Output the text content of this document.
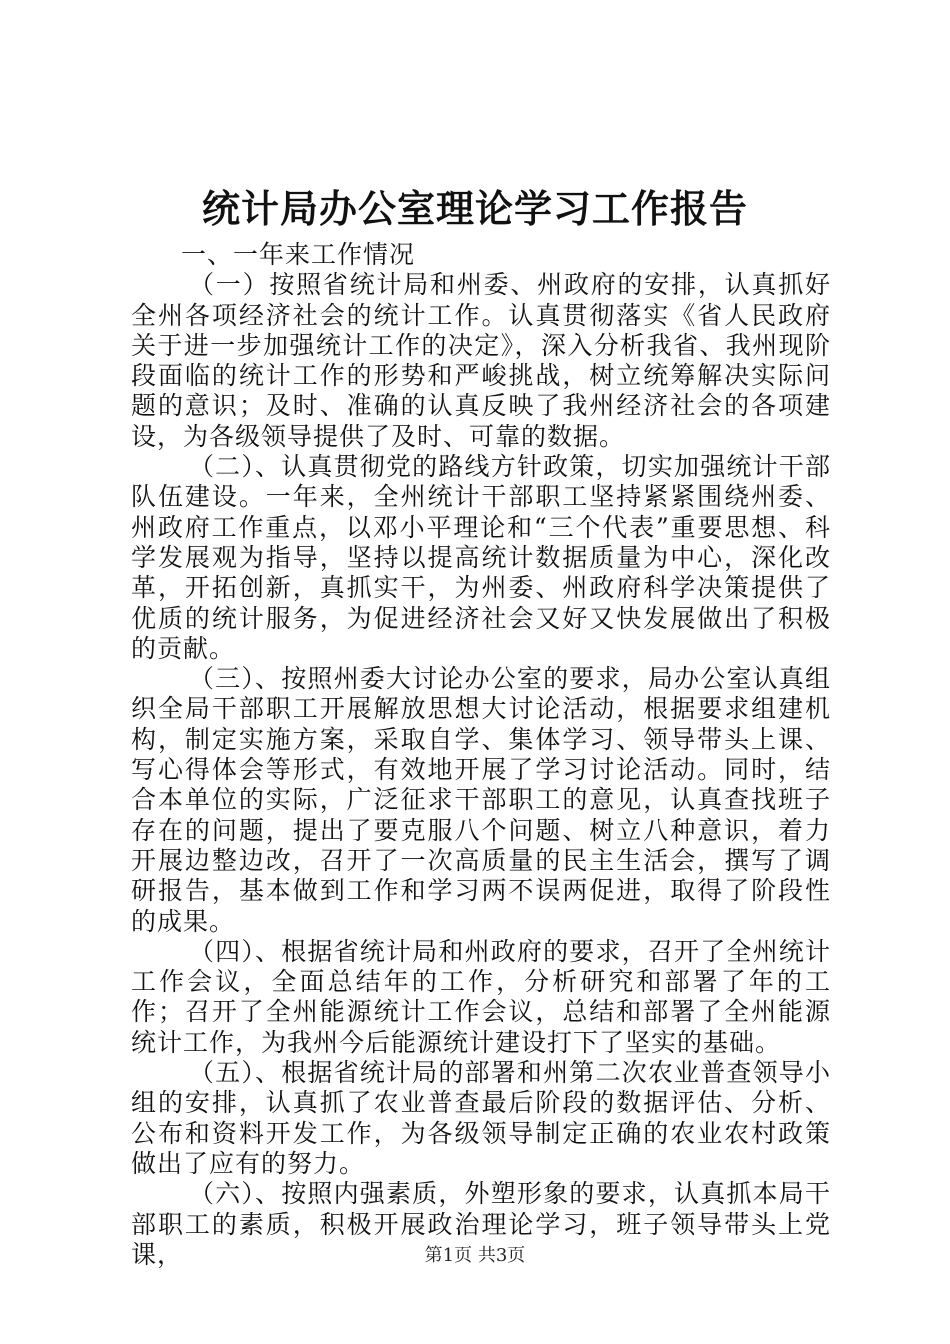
统计局办公室理论学习工作报告

一、一年来工作情况

（一）按照省统计局和州委、州政府的安排，认真抓好全州各项经济社会的统计工作。认真贯彻落实《省人民政府关于进一步加强统计工作的决定》，深入分析我省、我州现阶段面临的统计工作的形势和严峻挑战，树立统筹解决实际问题的意识；及时、准确的认真反映了我州经济社会的各项建设，为各级领导提供了及时、可靠的数据。

（二）、认真贯彻党的路线方针政策，切实加强统计干部队伍建设。一年来，全州统计干部职工坚持紧紧围绕州委、州政府工作重点，以邓小平理论和“三个代表”重要思想、科学发展观为指导，坚持以提高统计数据质量为中心，深化改革，开拓创新，真抓实干，为州委、州政府科学决策提供了优质的统计服务，为促进经济社会又好又快发展做出了积极的贡献。

（三）、按照州委大讨论办公室的要求，局办公室认真组织全局干部职工开展解放思想大讨论活动，根据要求组建机构，制定实施方案，采取自学、集体学习、领导带头上课、写心得体会等形式，有效地开展了学习讨论活动。同时，结合本单位的实际，广泛征求干部职工的意见，认真查找班子存在的问题，提出了要克服八个问题、树立八种意识，着力开展边整边改，召开了一次高质量的民主生活会，撰写了调研报告，基本做到工作和学习两不误两促进，取得了阶段性的成果。

（四）、根据省统计局和州政府的要求，召开了全州统计工作会议，全面总结年的工作，分析研究和部署了年的工作；召开了全州能源统计工作会议，总结和部署了全州能源统计工作，为我州今后能源统计建设打下了坚实的基础。

（五）、根据省统计局的部署和州第二次农业普查领导小组的安排，认真抓了农业普查最后阶段的数据评估、分析、公布和资料开发工作，为各级领导制定正确的农业农村政策做出了应有的努力。

（六）、按照内强素质，外塑形象的要求，认真抓本局干部职工的素质，积极开展政治理论学习，班子领导带头上党课，	第1页 共3页
